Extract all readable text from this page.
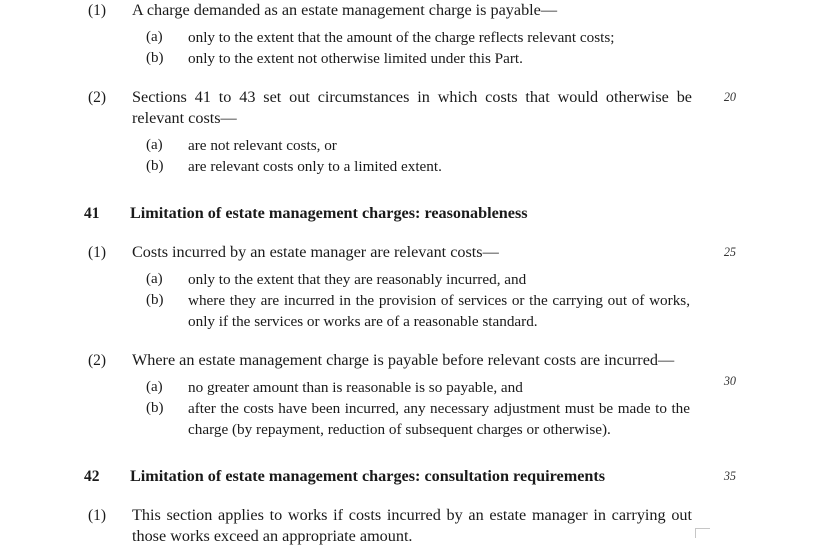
(1)	A charge demanded as an estate management charge is payable—
(a)	only to the extent that the amount of the charge reflects relevant costs;
(b)	only to the extent not otherwise limited under this Part.
(2)	Sections 41 to 43 set out circumstances in which costs that would otherwise be relevant costs—
20
(a)	are not relevant costs, or
(b)	are relevant costs only to a limited extent.
41	Limitation of estate management charges: reasonableness
(1)	Costs incurred by an estate manager are relevant costs—	25
(a)	only to the extent that they are reasonably incurred, and
(b)	where they are incurred in the provision of services or the carrying out of works, only if the services or works are of a reasonable standard.
(2)	Where an estate management charge is payable before relevant costs are incurred—
30
(a)	no greater amount than is reasonable is so payable, and
(b)	after the costs have been incurred, any necessary adjustment must be made to the charge (by repayment, reduction of subsequent charges or otherwise).
42	Limitation of estate management charges: consultation requirements	35
(1)	This section applies to works if costs incurred by an estate manager in carrying out those works exceed an appropriate amount.
